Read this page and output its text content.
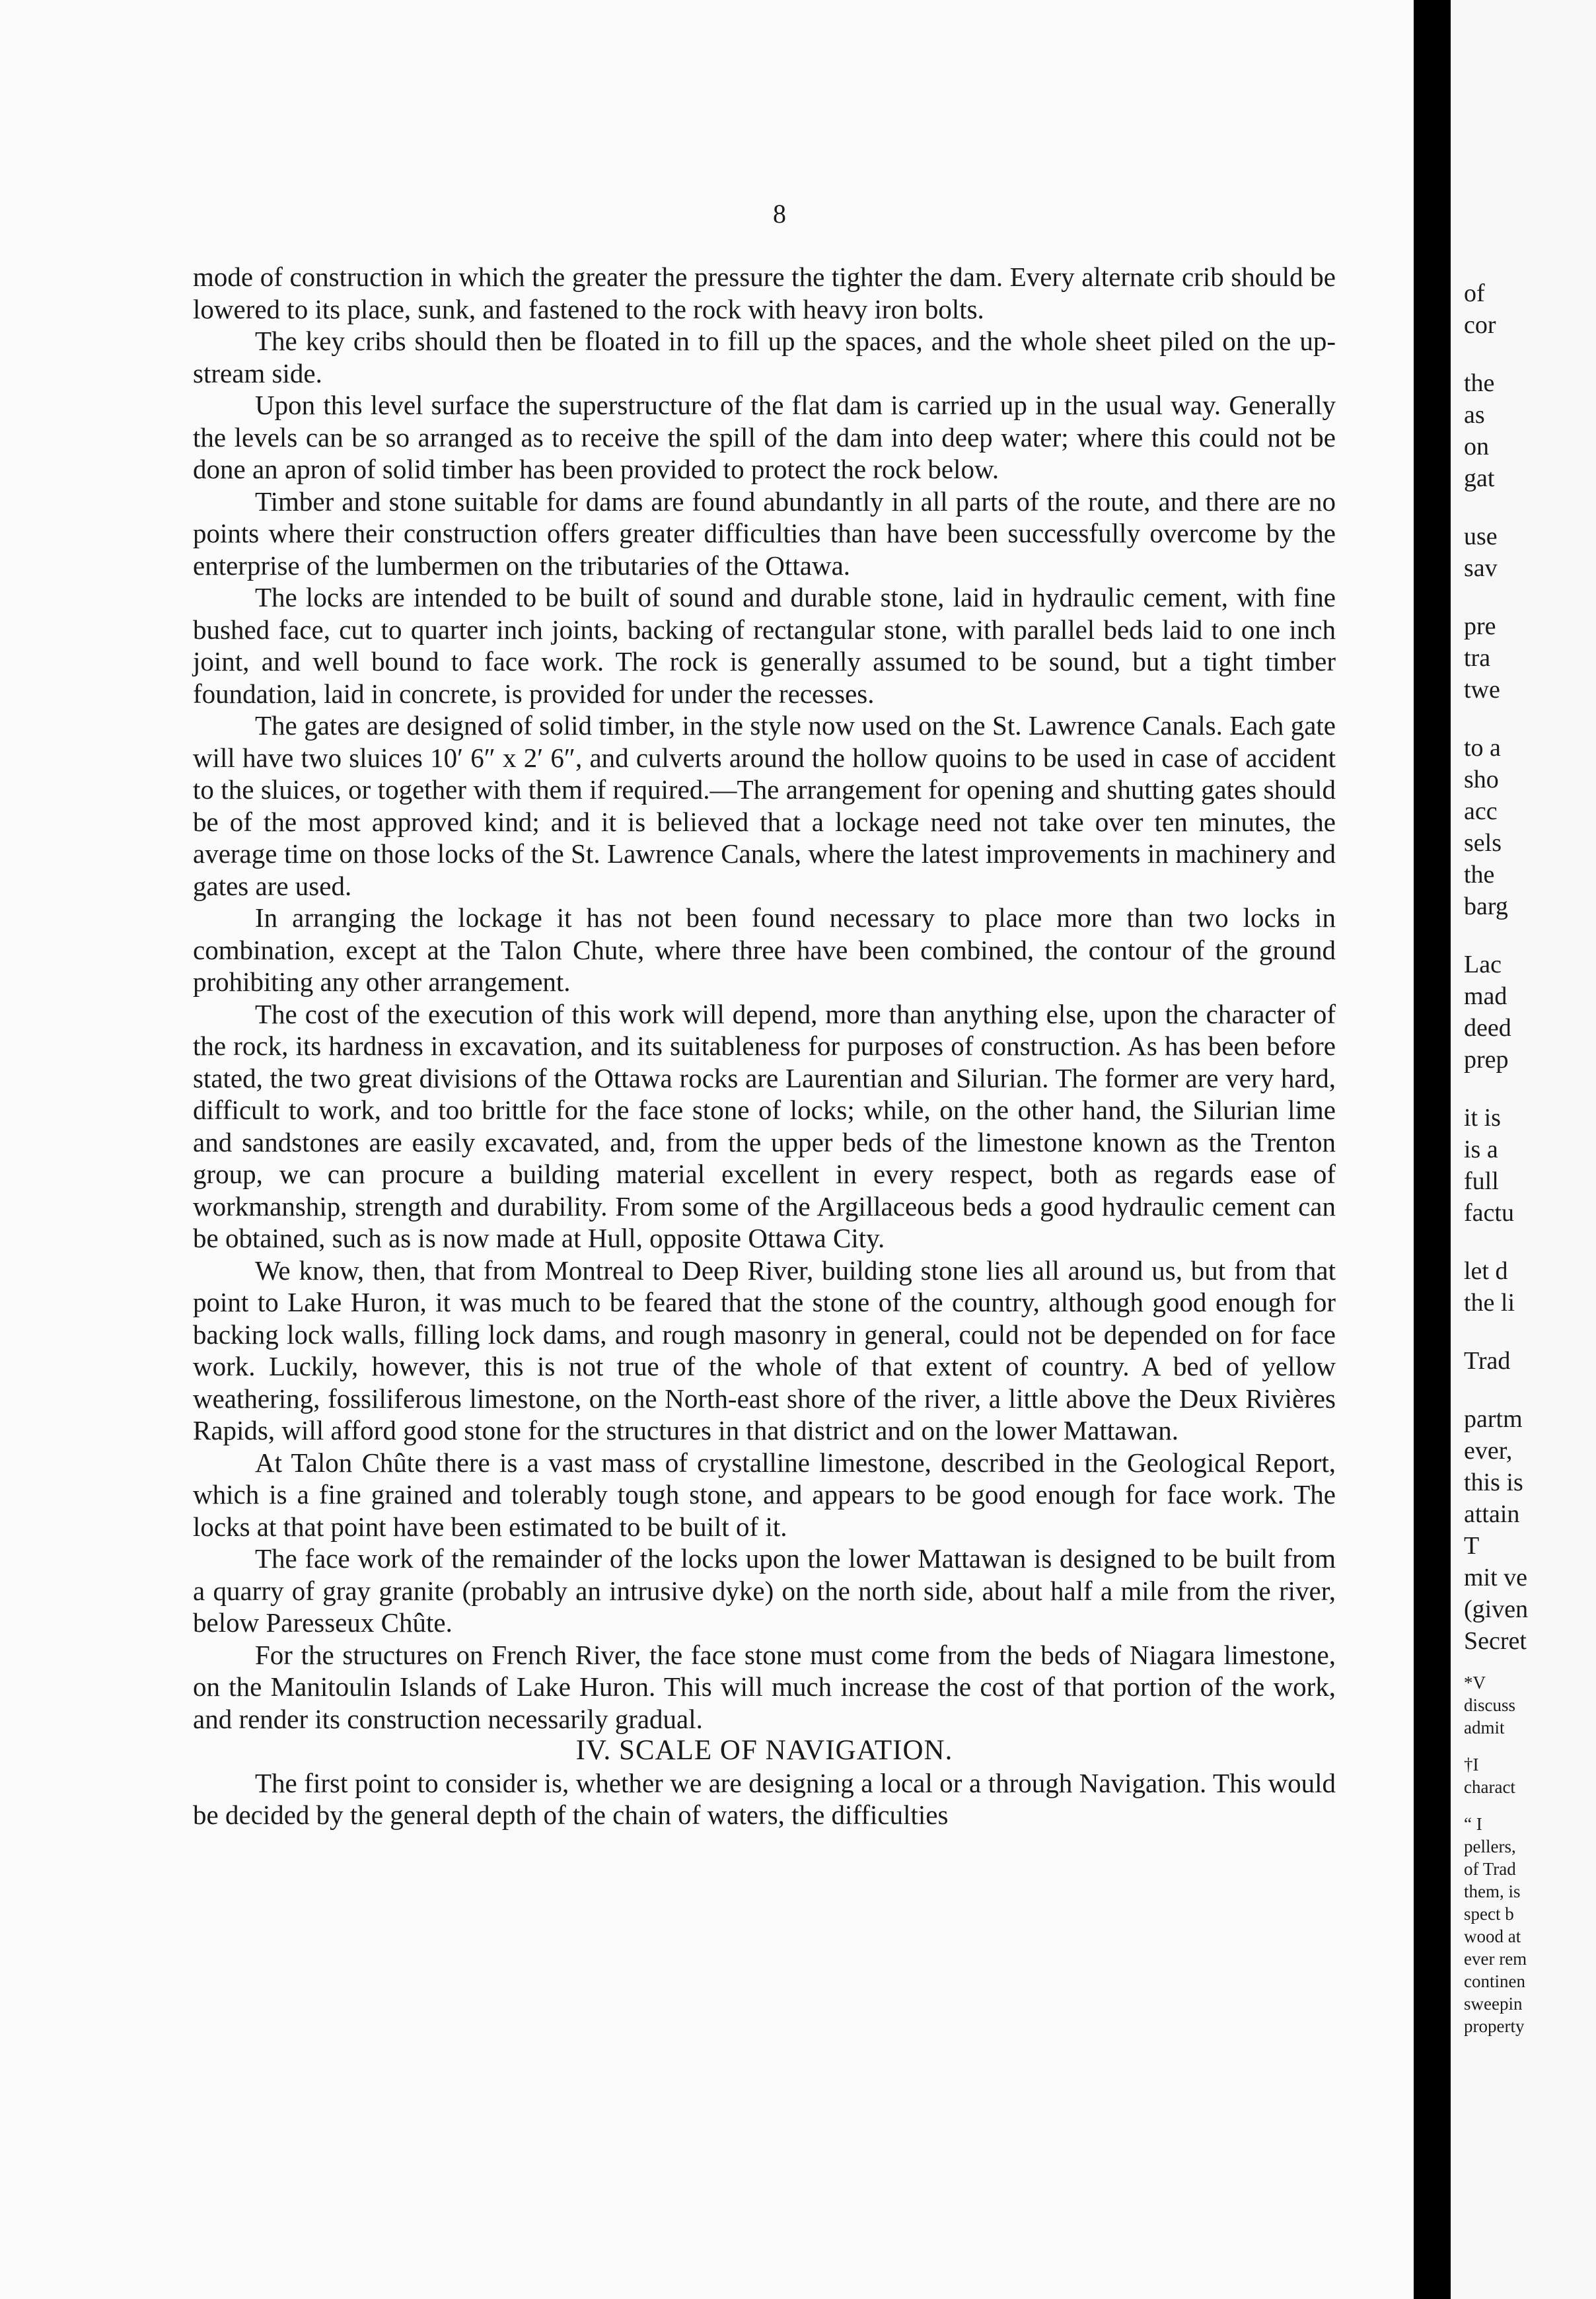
8

mode of construction in which the greater the pressure the tighter the dam. Every alternate crib should be lowered to its place, sunk, and fastened to the rock with heavy iron bolts.

The key cribs should then be floated in to fill up the spaces, and the whole sheet piled on the up-stream side.

Upon this level surface the superstructure of the flat dam is carried up in the usual way. Generally the levels can be so arranged as to receive the spill of the dam into deep water; where this could not be done an apron of solid timber has been provided to protect the rock below.

Timber and stone suitable for dams are found abundantly in all parts of the route, and there are no points where their construction offers greater difficulties than have been successfully overcome by the enterprise of the lumbermen on the tributaries of the Ottawa.

The locks are intended to be built of sound and durable stone, laid in hydraulic cement, with fine bushed face, cut to quarter inch joints, backing of rectangular stone, with parallel beds laid to one inch joint, and well bound to face work. The rock is generally assumed to be sound, but a tight timber foundation, laid in concrete, is provided for under the recesses.

The gates are designed of solid timber, in the style now used on the St. Lawrence Canals. Each gate will have two sluices 10′ 6″ x 2′ 6″, and culverts around the hollow quoins to be used in case of accident to the sluices, or together with them if required.—The arrangement for opening and shutting gates should be of the most approved kind; and it is believed that a lockage need not take over ten minutes, the average time on those locks of the St. Lawrence Canals, where the latest improvements in machinery and gates are used.

In arranging the lockage it has not been found necessary to place more than two locks in combination, except at the Talon Chute, where three have been combined, the contour of the ground prohibiting any other arrangement.

The cost of the execution of this work will depend, more than anything else, upon the character of the rock, its hardness in excavation, and its suitableness for purposes of construction. As has been before stated, the two great divisions of the Ottawa rocks are Laurentian and Silurian. The former are very hard, difficult to work, and too brittle for the face stone of locks; while, on the other hand, the Silurian lime and sandstones are easily excavated, and, from the upper beds of the limestone known as the Trenton group, we can procure a building material excellent in every respect, both as regards ease of workmanship, strength and durability. From some of the Argillaceous beds a good hydraulic cement can be obtained, such as is now made at Hull, opposite Ottawa City.

We know, then, that from Montreal to Deep River, building stone lies all around us, but from that point to Lake Huron, it was much to be feared that the stone of the country, although good enough for backing lock walls, filling lock dams, and rough masonry in general, could not be depended on for face work. Luckily, however, this is not true of the whole of that extent of country. A bed of yellow weathering, fossiliferous limestone, on the North-east shore of the river, a little above the Deux Rivières Rapids, will afford good stone for the structures in that district and on the lower Mattawan.

At Talon Chûte there is a vast mass of crystalline limestone, described in the Geological Report, which is a fine grained and tolerably tough stone, and appears to be good enough for face work. The locks at that point have been estimated to be built of it.

The face work of the remainder of the locks upon the lower Mattawan is designed to be built from a quarry of gray granite (probably an intrusive dyke) on the north side, about half a mile from the river, below Paresseux Chûte.

For the structures on French River, the face stone must come from the beds of Niagara limestone, on the Manitoulin Islands of Lake Huron. This will much increase the cost of that portion of the work, and render its construction necessarily gradual.

IV. SCALE OF NAVIGATION.

The first point to consider is, whether we are designing a local or a through Navigation. This would be decided by the general depth of the chain of waters, the difficulties

of
cor
the
as
on
gat
use
sav
pre
tra
twe
to a
sho
acc
sels
the
barg
Lac
mad
deed
prep
it is
is a
full
factu
let d
the li
Trad
partm
ever,
this is
attain
T
mit ve
(given
Secret
*V
discuss
admit
†I
charact
“ I
pellers,
of Trad
them, is
spect b
wood at
ever rem
continen
sweepin
property
